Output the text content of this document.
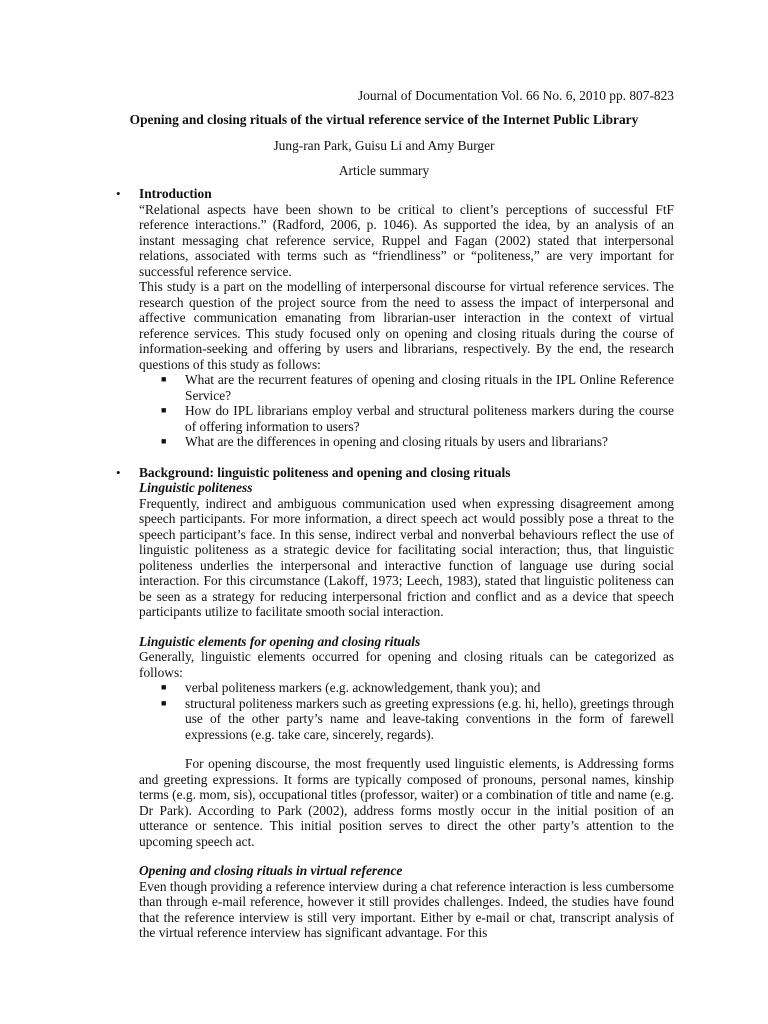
Journal of Documentation Vol. 66 No. 6, 2010 pp. 807-823
Opening and closing rituals of the virtual reference service of the Internet Public Library
Jung-ran Park, Guisu Li and Amy Burger
Article summary
• Introduction

“Relational aspects have been shown to be critical to client’s perceptions of successful FtF reference interactions.” (Radford, 2006, p. 1046). As supported the idea, by an analysis of an instant messaging chat reference service, Ruppel and Fagan (2002) stated that interpersonal relations, associated with terms such as “friendliness” or “politeness,” are very important for successful reference service.

This study is a part on the modelling of interpersonal discourse for virtual reference services. The research question of the project source from the need to assess the impact of interpersonal and affective communication emanating from librarian-user interaction in the context of virtual reference services. This study focused only on opening and closing rituals during the course of information-seeking and offering by users and librarians, respectively. By the end, the research questions of this study as follows:

■ What are the recurrent features of opening and closing rituals in the IPL Online Reference Service?
■ How do IPL librarians employ verbal and structural politeness markers during the course of offering information to users?
■ What are the differences in opening and closing rituals by users and librarians?
• Background: linguistic politeness and opening and closing rituals
Linguistic politeness

Frequently, indirect and ambiguous communication used when expressing disagreement among speech participants. For more information, a direct speech act would possibly pose a threat to the speech participant’s face. In this sense, indirect verbal and nonverbal behaviours reflect the use of linguistic politeness as a strategic device for facilitating social interaction; thus, that linguistic politeness underlies the interpersonal and interactive function of language use during social interaction. For this circumstance (Lakoff, 1973; Leech, 1983), stated that linguistic politeness can be seen as a strategy for reducing interpersonal friction and conflict and as a device that speech participants utilize to facilitate smooth social interaction.

Linguistic elements for opening and closing rituals

Generally, linguistic elements occurred for opening and closing rituals can be categorized as follows:

■ verbal politeness markers (e.g. acknowledgement, thank you); and
■ structural politeness markers such as greeting expressions (e.g. hi, hello), greetings through use of the other party’s name and leave-taking conventions in the form of farewell expressions (e.g. take care, sincerely, regards).

For opening discourse, the most frequently used linguistic elements, is Addressing forms and greeting expressions. It forms are typically composed of pronouns, personal names, kinship terms (e.g. mom, sis), occupational titles (professor, waiter) or a combination of title and name (e.g. Dr Park). According to Park (2002), address forms mostly occur in the initial position of an utterance or sentence. This initial position serves to direct the other party’s attention to the upcoming speech act.

Opening and closing rituals in virtual reference

Even though providing a reference interview during a chat reference interaction is less cumbersome than through e-mail reference, however it still provides challenges. Indeed, the studies have found that the reference interview is still very important. Either by e-mail or chat, transcript analysis of the virtual reference interview has significant advantage. For this
